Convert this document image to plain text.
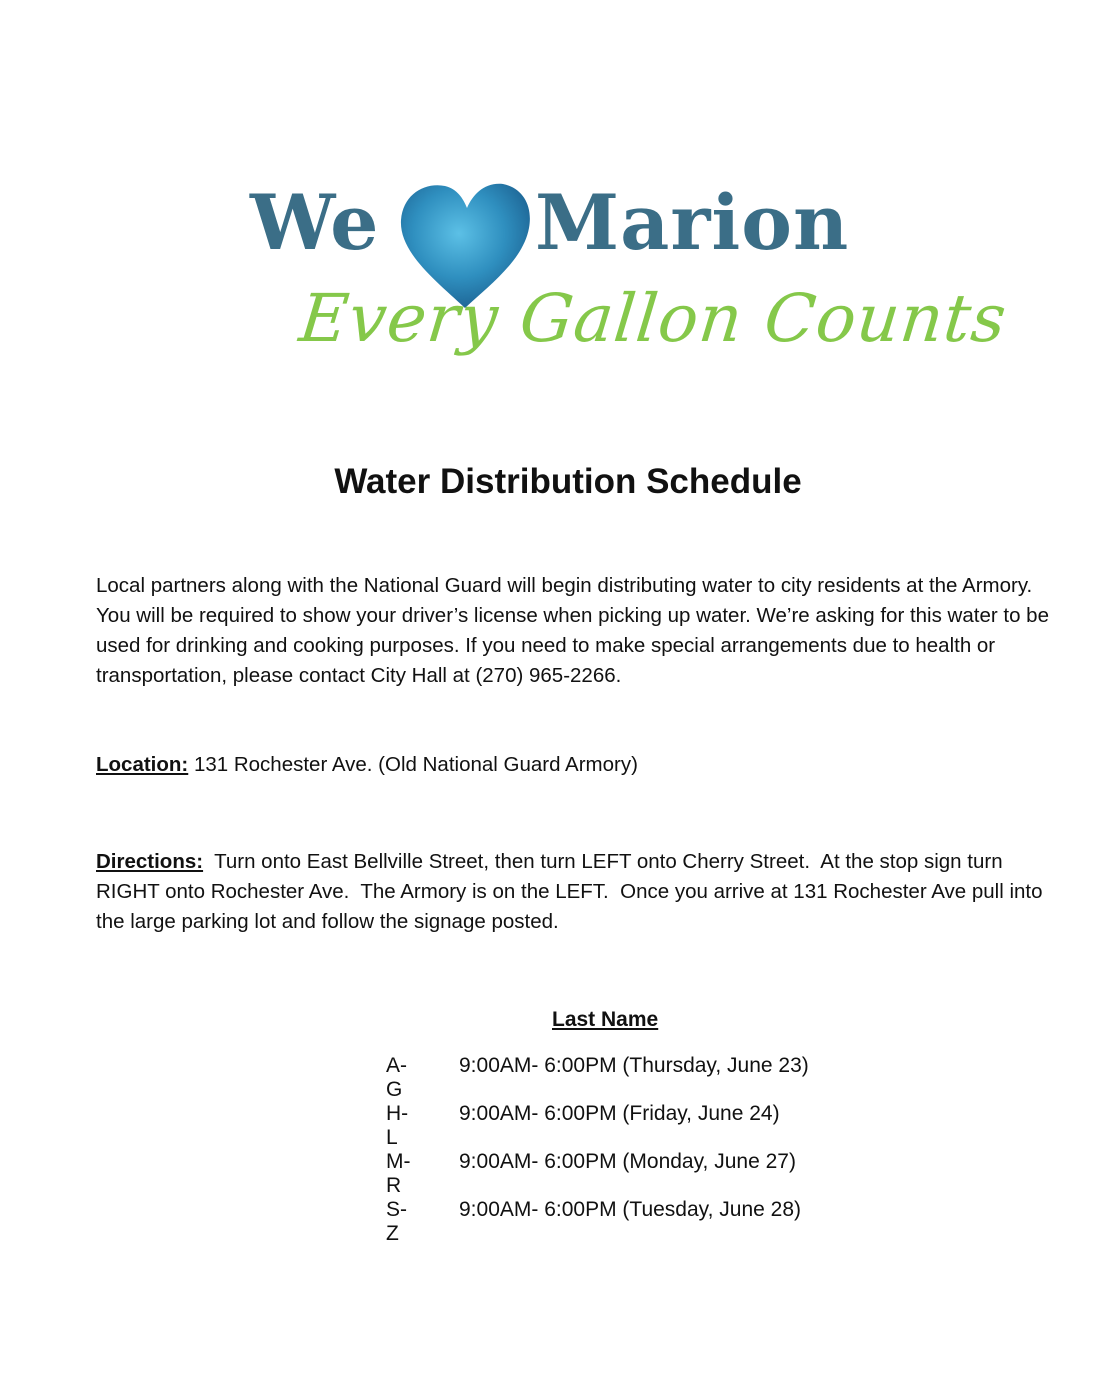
We Marion
Every Gallon Counts
Water Distribution Schedule
Local partners along with the National Guard will begin distributing water to city residents at the Armory. You will be required to show your driver’s license when picking up water. We’re asking for this water to be used for drinking and cooking purposes. If you need to make special arrangements due to health or transportation, please contact City Hall at (270) 965-2266.
Location: 131 Rochester Ave. (Old National Guard Armory)
Directions:  Turn onto East Bellville Street, then turn LEFT onto Cherry Street.  At the stop sign turn RIGHT onto Rochester Ave.  The Armory is on the LEFT.  Once you arrive at 131 Rochester Ave pull into the large parking lot and follow the signage posted.
Last Name
A-G
9:00AM- 6:00PM (Thursday, June 23)
H-L
9:00AM- 6:00PM (Friday, June 24)
M-R
9:00AM- 6:00PM (Monday, June 27)
S-Z
9:00AM- 6:00PM (Tuesday, June 28)
